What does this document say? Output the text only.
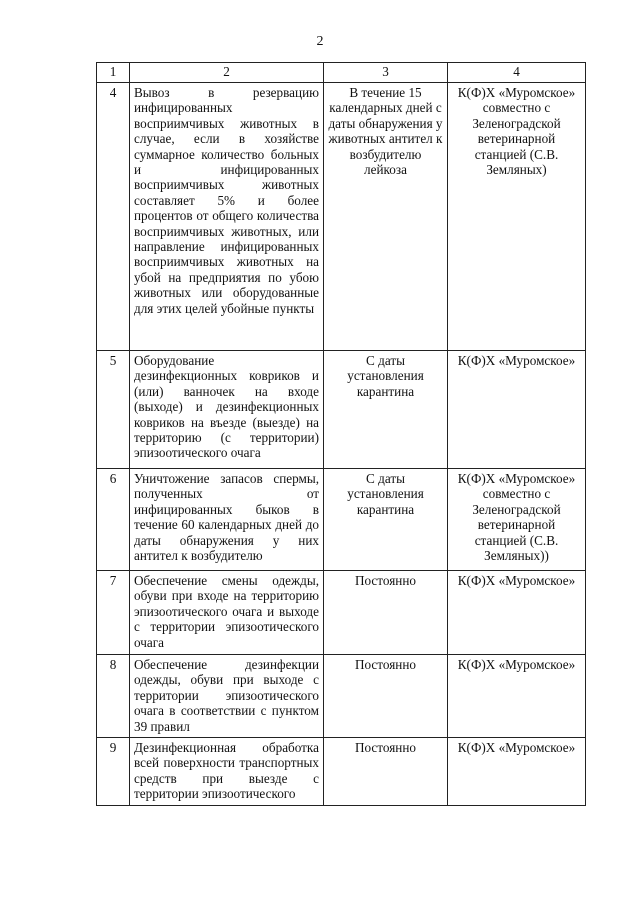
2
1	2	3	4
4	Вывоз в резервацию инфицированных восприимчивых животных в случае, если в хозяйстве суммарное количество больных и инфицированных восприимчивых животных составляет 5% и более процентов от общего количества восприимчивых животных, или направление инфицированных восприимчивых животных на убой на предприятия по убою животных или оборудованные для этих целей убойные пункты	В течение 15 календарных дней с даты обнаружения у животных антител к возбудителю лейкоза	К(Ф)Х «Муромское» совместно с Зеленоградской ветеринарной станцией (С.В. Земляных)
5	Оборудование дезинфекционных ковриков и (или) ванночек на входе (выходе) и дезинфекционных ковриков на въезде (выезде) на территорию (с территории) эпизоотического очага	С даты установления карантина	К(Ф)Х «Муромское»
6	Уничтожение запасов спермы, полученных от инфицированных быков в течение 60 календарных дней до даты обнаружения у них антител к возбудителю	С даты установления карантина	К(Ф)Х «Муромское» совместно с Зеленоградской ветеринарной станцией (С.В. Земляных))
7	Обеспечение смены одежды, обуви при входе на территорию эпизоотического очага и выходе с территории эпизоотического очага	Постоянно	К(Ф)Х «Муромское»
8	Обеспечение дезинфекции одежды, обуви при выходе с территории эпизоотического очага в соответствии с пунктом 39 правил	Постоянно	К(Ф)Х «Муромское»
9	Дезинфекционная обработка всей поверхности транспортных средств при выезде с территории эпизоотического	Постоянно	К(Ф)Х «Муромское»
